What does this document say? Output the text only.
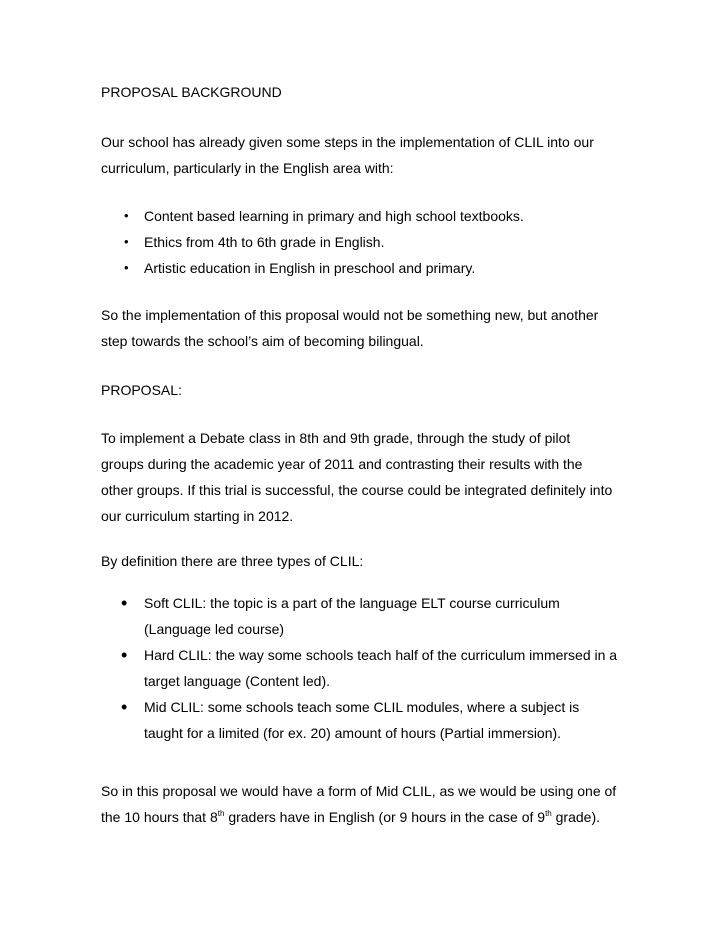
PROPOSAL BACKGROUND

Our school has already given some steps in the implementation of CLIL into our
curriculum, particularly in the English area with:

• Content based learning in primary and high school textbooks.
• Ethics from 4th to 6th grade in English.
• Artistic education in English in preschool and primary.

So the implementation of this proposal would not be something new, but another
step towards the school’s aim of becoming bilingual.

PROPOSAL:

To implement a Debate class in 8th and 9th grade, through the study of pilot
groups during the academic year of 2011 and contrasting their results with the
other groups. If this trial is successful, the course could be integrated definitely into
our curriculum starting in 2012.

By definition there are three types of CLIL:

• Soft CLIL: the topic is a part of the language ELT course curriculum
(Language led course)
• Hard CLIL: the way some schools teach half of the curriculum immersed in a
target language (Content led).
• Mid CLIL: some schools teach some CLIL modules, where a subject is
taught for a limited (for ex. 20) amount of hours (Partial immersion).

So in this proposal we would have a form of Mid CLIL, as we would be using one of
the 10 hours that 8th graders have in English (or 9 hours in the case of 9th grade).
